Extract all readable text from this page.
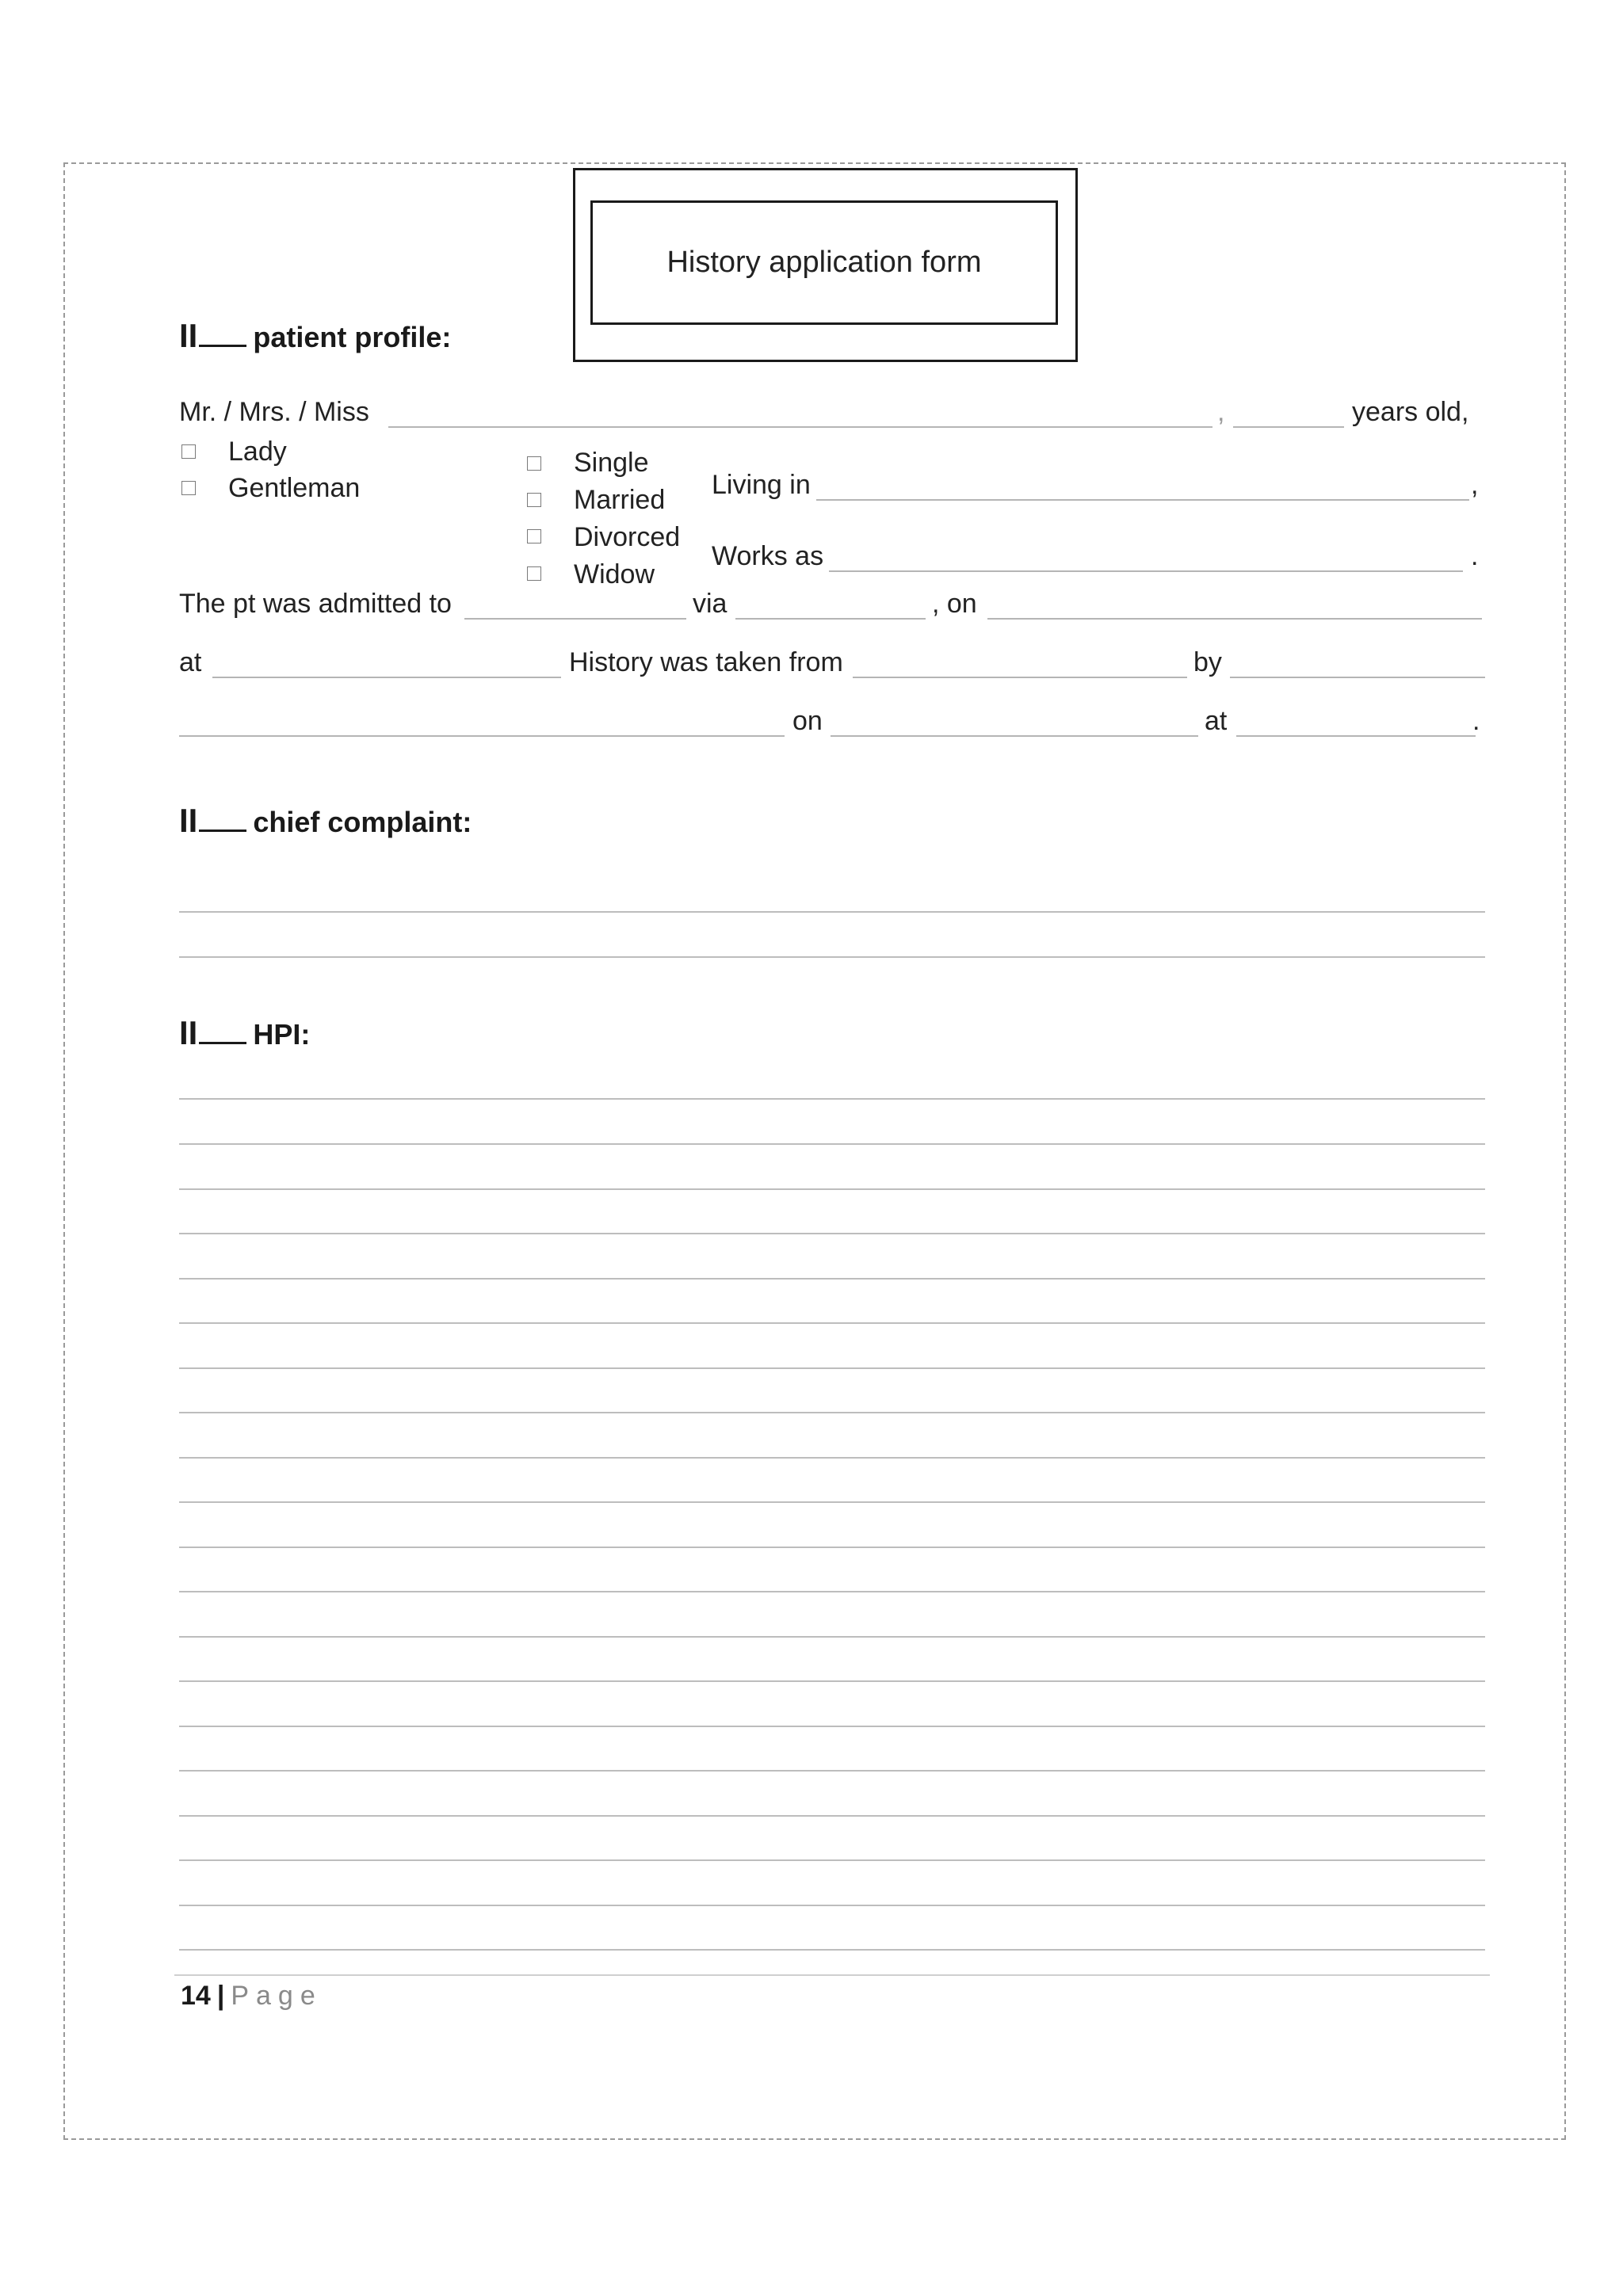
History application form
II patient profile:
Mr. / Mrs. / Miss	,	years old,
Lady
Gentleman
Single
Married
Divorced
Widow
Living in	,
Works as	.
The pt was admitted to	via	, on
at	History was taken from	by
on	at	.
II chief complaint:
II HPI:
14 | Page
